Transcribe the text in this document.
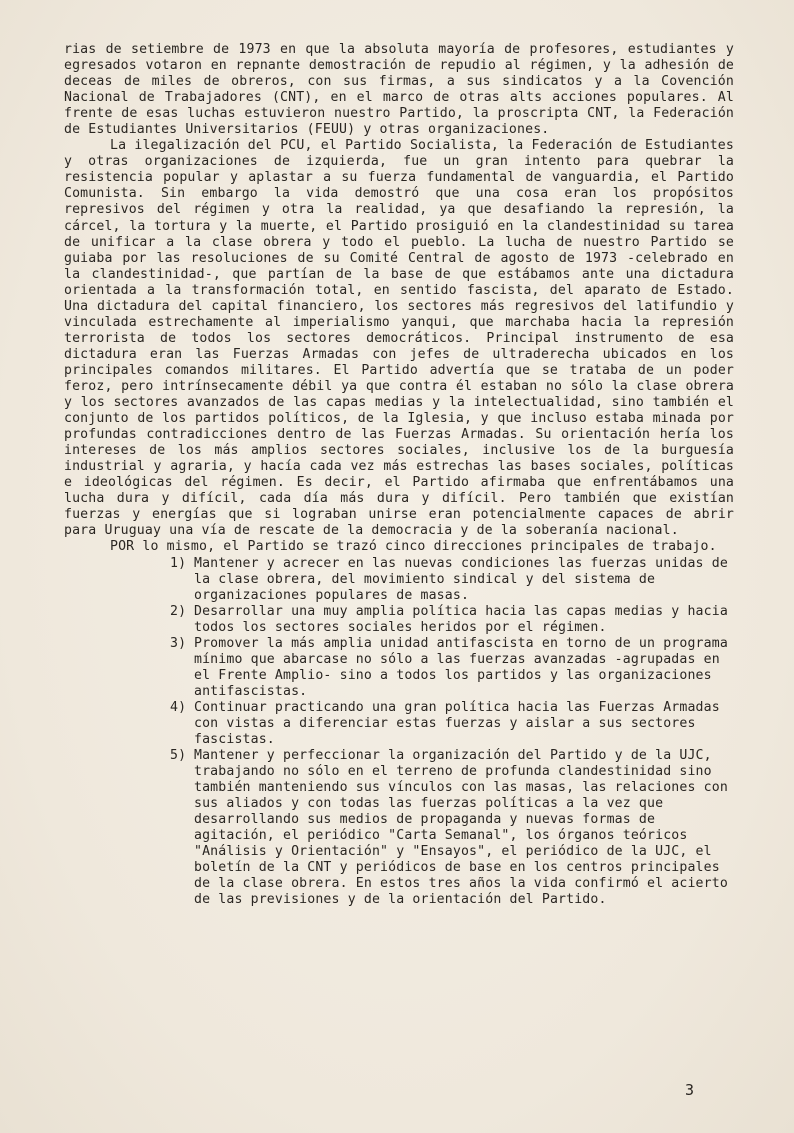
rias de setiembre de 1973 en que la absoluta mayoría de profesores, estudiantes y egresados votaron en repnante demostración de repudio al régimen, y la adhesión de deceas de miles de obreros, con sus firmas, a sus sindicatos y a la Covención Nacional de Trabajadores (CNT), en el marco de otras alts acciones populares. Al frente de esas luchas estuvieron nuestro Partido, la proscripta CNT, la Federación de Estudiantes Universitarios (FEUU) y otras organizaciones.

La ilegalización del PCU, el Partido Socialista, la Federación de Estudiantes y otras organizaciones de izquierda, fue un gran intento para quebrar la resistencia popular y aplastar a su fuerza fundamental de vanguardia, el Partido Comunista. Sin embargo la vida demostró que una cosa eran los propósitos represivos del régimen y otra la realidad, ya que desafiando la represión, la cárcel, la tortura y la muerte, el Partido prosiguió en la clandestinidad su tarea de unificar a la clase obrera y todo el pueblo. La lucha de nuestro Partido se guiaba por las resoluciones de su Comité Central de agosto de 1973 -celebrado en la clandestinidad-, que partían de la base de que estábamos ante una dictadura orientada a la transformación total, en sentido fascista, del aparato de Estado. Una dictadura del capital financiero, los sectores más regresivos del latifundio y vinculada estrechamente al imperialismo yanqui, que marchaba hacia la represión terrorista de todos los sectores democráticos. Principal instrumento de esa dictadura eran las Fuerzas Armadas con jefes de ultraderecha ubicados en los principales comandos militares. El Partido advertía que se trataba de un poder feroz, pero intrínsecamente débil ya que contra él estaban no sólo la clase obrera y los sectores avanzados de las capas medias y la intelectualidad, sino también el conjunto de los partidos políticos, de la Iglesia, y que incluso estaba minada por profundas contradicciones dentro de las Fuerzas Armadas. Su orientación hería los intereses de los más amplios sectores sociales, inclusive los de la burguesía industrial y agraria, y hacía cada vez más estrechas las bases sociales, políticas e ideológicas del régimen. Es decir, el Partido afirmaba que enfrentábamos una lucha dura y difícil, cada día más dura y difícil. Pero también que existían fuerzas y energías que si lograban unirse eran potencialmente capaces de abrir para Uruguay una vía de rescate de la democracia y de la soberanía nacional.

POR lo mismo, el Partido se trazó cinco direcciones principales de trabajo.

1) Mantener y acrecer en las nuevas condiciones las fuerzas unidas de la clase obrera, del movimiento sindical y del sistema de organizaciones populares de masas.
2) Desarrollar una muy amplia política hacia las capas medias y hacia todos los sectores sociales heridos por el régimen.
3) Promover la más amplia unidad antifascista en torno de un programa mínimo que abarcase no sólo a las fuerzas avanzadas -agrupadas en el Frente Amplio- sino a todos los partidos y las organizaciones antifascistas.
4) Continuar practicando una gran política hacia las Fuerzas Armadas con vistas a diferenciar estas fuerzas y aislar a sus sectores fascistas.
5) Mantener y perfeccionar la organización del Partido y de la UJC, trabajando no sólo en el terreno de profunda clandestinidad sino también manteniendo sus vínculos con las masas, las relaciones con sus aliados y con todas las fuerzas políticas a la vez que desarrollando sus medios de propaganda y nuevas formas de agitación, el periódico "Carta Semanal", los órganos teóricos "Análisis y Orientación" y "Ensayos", el periódico de la UJC, el boletín de la CNT y periódicos de base en los centros principales de la clase obrera. En estos tres años la vida confirmó el acierto de las previsiones y de la orientación del Partido.
3
